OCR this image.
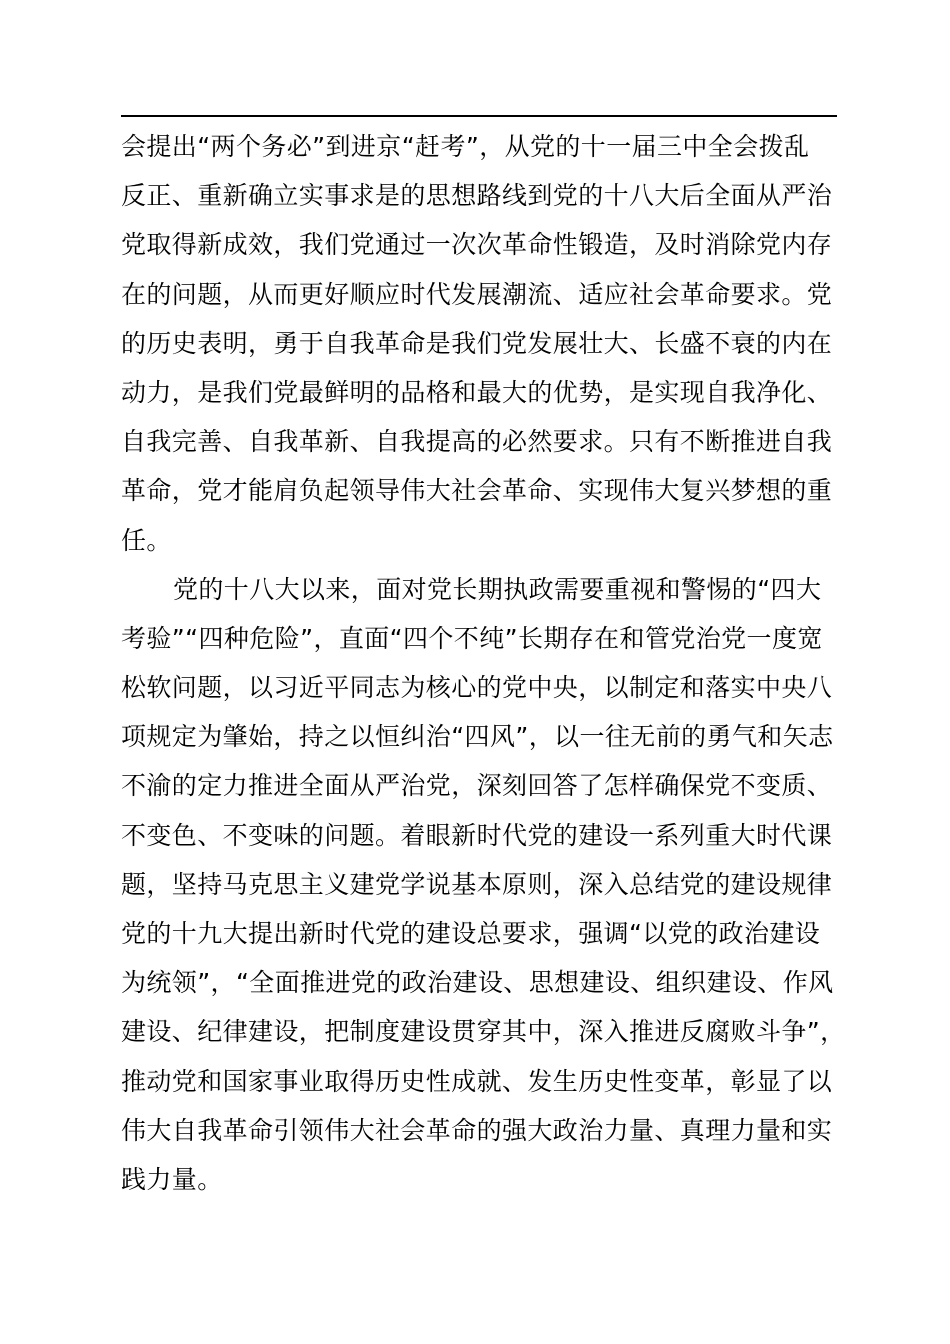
会提出“两个务必”到进京“赶考”，从党的十一届三中全会拨乱
反正、重新确立实事求是的思想路线到党的十八大后全面从严治
党取得新成效，我们党通过一次次革命性锻造，及时消除党内存
在的问题，从而更好顺应时代发展潮流、适应社会革命要求。党
的历史表明，勇于自我革命是我们党发展壮大、长盛不衰的内在
动力，是我们党最鲜明的品格和最大的优势，是实现自我净化、
自我完善、自我革新、自我提高的必然要求。只有不断推进自我
革命，党才能肩负起领导伟大社会革命、实现伟大复兴梦想的重
任。
党的十八大以来，面对党长期执政需要重视和警惕的“四大
考验”“四种危险”，直面“四个不纯”长期存在和管党治党一度宽
松软问题，以习近平同志为核心的党中央，以制定和落实中央八
项规定为肇始，持之以恒纠治“四风”，以一往无前的勇气和矢志
不渝的定力推进全面从严治党，深刻回答了怎样确保党不变质、
不变色、不变味的问题。着眼新时代党的建设一系列重大时代课
题，坚持马克思主义建党学说基本原则，深入总结党的建设规律
党的十九大提出新时代党的建设总要求，强调“以党的政治建设
为统领”，“全面推进党的政治建设、思想建设、组织建设、作风
建设、纪律建设，把制度建设贯穿其中，深入推进反腐败斗争”，
推动党和国家事业取得历史性成就、发生历史性变革，彰显了以
伟大自我革命引领伟大社会革命的强大政治力量、真理力量和实
践力量。
